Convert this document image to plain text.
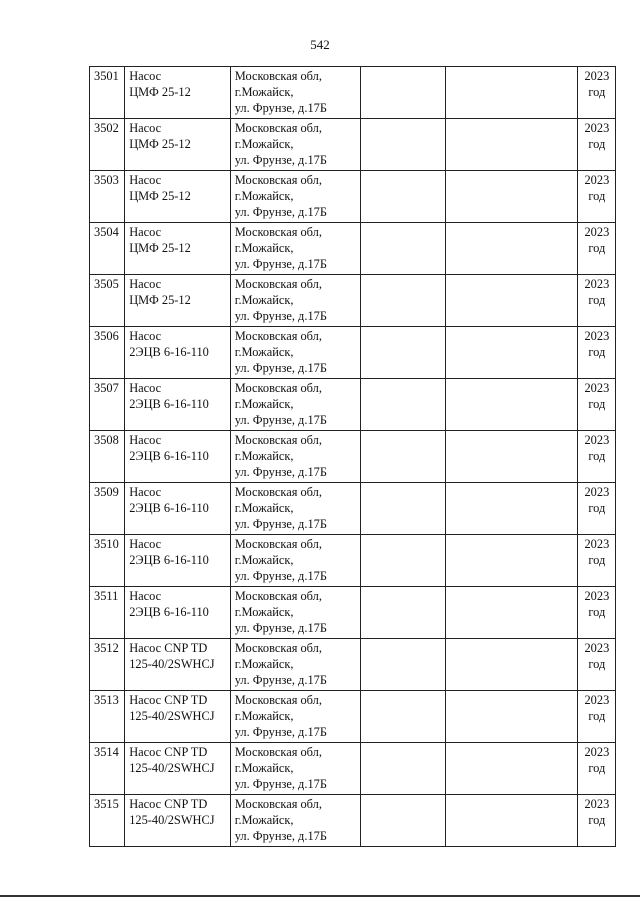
542
3501	Насос
ЦМФ 25-12	Московская обл,
г.Можайск,
ул. Фрунзе, д.17Б			2023
год

3502	Насос
ЦМФ 25-12	Московская обл,
г.Можайск,
ул. Фрунзе, д.17Б			2023
год

3503	Насос
ЦМФ 25-12	Московская обл,
г.Можайск,
ул. Фрунзе, д.17Б			2023
год

3504	Насос
ЦМФ 25-12	Московская обл,
г.Можайск,
ул. Фрунзе, д.17Б			2023
год

3505	Насос
ЦМФ 25-12	Московская обл,
г.Можайск,
ул. Фрунзе, д.17Б			2023
год

3506	Насос
2ЭЦВ 6-16-110	Московская обл,
г.Можайск,
ул. Фрунзе, д.17Б			2023
год

3507	Насос
2ЭЦВ 6-16-110	Московская обл,
г.Можайск,
ул. Фрунзе, д.17Б			2023
год

3508	Насос
2ЭЦВ 6-16-110	Московская обл,
г.Можайск,
ул. Фрунзе, д.17Б			2023
год

3509	Насос
2ЭЦВ 6-16-110	Московская обл,
г.Можайск,
ул. Фрунзе, д.17Б			2023
год

3510	Насос
2ЭЦВ 6-16-110	Московская обл,
г.Можайск,
ул. Фрунзе, д.17Б			2023
год

3511	Насос
2ЭЦВ 6-16-110	Московская обл,
г.Можайск,
ул. Фрунзе, д.17Б			2023
год

3512	Насос CNP TD
125-40/2SWHCJ	Московская обл,
г.Можайск,
ул. Фрунзе, д.17Б			2023
год

3513	Насос CNP TD
125-40/2SWHCJ	Московская обл,
г.Можайск,
ул. Фрунзе, д.17Б			2023
год

3514	Насос CNP TD
125-40/2SWHCJ	Московская обл,
г.Можайск,
ул. Фрунзе, д.17Б			2023
год

3515	Насос CNP TD
125-40/2SWHCJ	Московская обл,
г.Можайск,
ул. Фрунзе, д.17Б			2023
год
